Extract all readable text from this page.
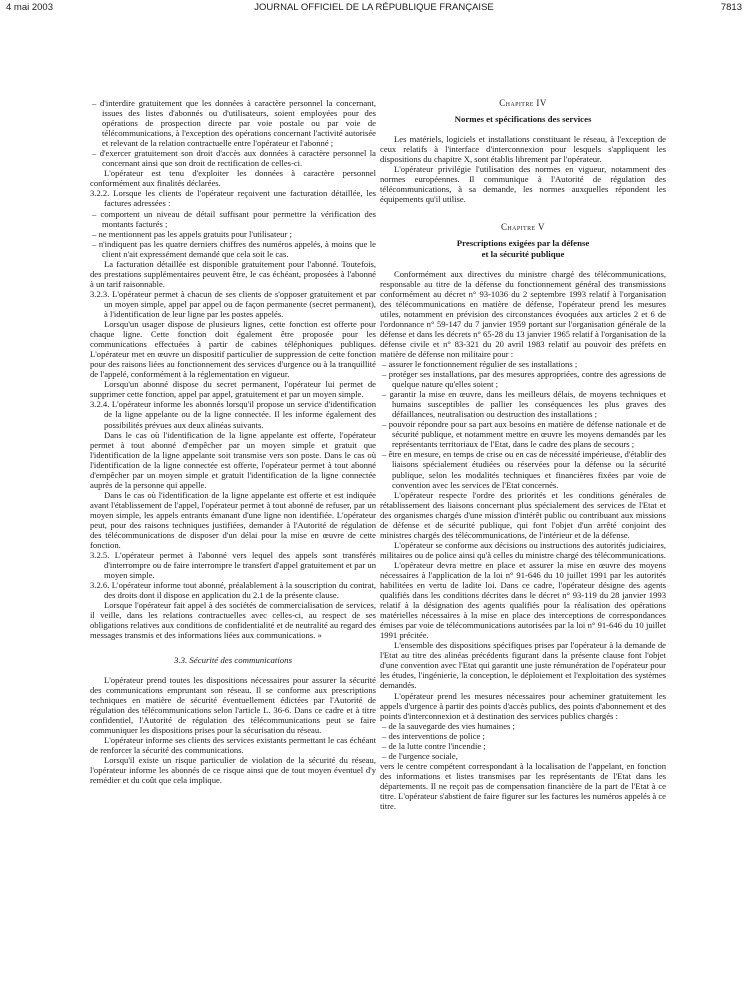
4 mai 2003	JOURNAL OFFICIEL DE LA RÉPUBLIQUE FRANÇAISE	7813

– d'interdire gratuitement que les données à caractère personnel la concernant, issues des listes d'abonnés ou d'utilisateurs, soient employées pour des opérations de prospection directe par voie postale ou par voie de télécommunications, à l'exception des opérations concernant l'activité autorisée et relevant de la relation contractuelle entre l'opérateur et l'abonné ;

– d'exercer gratuitement son droit d'accès aux données à caractère personnel la concernant ainsi que son droit de rectification de celles-ci.

L'opérateur est tenu d'exploiter les données à caractère personnel conformément aux finalités déclarées.

3.2.2. Lorsque les clients de l'opérateur reçoivent une facturation détaillée, les factures adressées :

– comportent un niveau de détail suffisant pour permettre la vérification des montants facturés ;

– ne mentionnent pas les appels gratuits pour l'utilisateur ;

– n'indiquent pas les quatre derniers chiffres des numéros appelés, à moins que le client n'ait expressément demandé que cela soit le cas.

La facturation détaillée est disponible gratuitement pour l'abonné. Toutefois, des prestations supplémentaires peuvent être, le cas échéant, proposées à l'abonné à un tarif raisonnable.

3.2.3. L'opérateur permet à chacun de ses clients de s'opposer gratuitement et par un moyen simple, appel par appel ou de façon permanente (secret permanent), à l'identification de leur ligne par les postes appelés.

Lorsqu'un usager dispose de plusieurs lignes, cette fonction est offerte pour chaque ligne. Cette fonction doit également être proposée pour les communications effectuées à partir de cabines téléphoniques publiques. L'opérateur met en œuvre un dispositif particulier de suppression de cette fonction pour des raisons liées au fonctionnement des services d'urgence ou à la tranquillité de l'appelé, conformément à la réglementation en vigueur.

Lorsqu'un abonné dispose du secret permanent, l'opérateur lui permet de supprimer cette fonction, appel par appel, gratuitement et par un moyen simple.

3.2.4. L'opérateur informe les abonnés lorsqu'il propose un service d'identification de la ligne appelante ou de la ligne connectée. Il les informe également des possibilités prévues aux deux alinéas suivants.

Dans le cas où l'identification de la ligne appelante est offerte, l'opérateur permet à tout abonné d'empêcher par un moyen simple et gratuit que l'identification de la ligne appelante soit transmise vers son poste. Dans le cas où l'identification de la ligne connectée est offerte, l'opérateur permet à tout abonné d'empêcher par un moyen simple et gratuit l'identification de la ligne connectée auprès de la personne qui appelle.

Dans le cas où l'identification de la ligne appelante est offerte et est indiquée avant l'établissement de l'appel, l'opérateur permet à tout abonné de refuser, par un moyen simple, les appels entrants émanant d'une ligne non identifiée. L'opérateur peut, pour des raisons techniques justifiées, demander à l'Autorité de régulation des télécommunications de disposer d'un délai pour la mise en œuvre de cette fonction.

3.2.5. L'opérateur permet à l'abonné vers lequel des appels sont transférés d'interrompre ou de faire interrompre le transfert d'appel gratuitement et par un moyen simple.

3.2.6. L'opérateur informe tout abonné, préalablement à la souscription du contrat, des droits dont il dispose en application du 2.1 de la présente clause.

Lorsque l'opérateur fait appel à des sociétés de commercialisation de services, il veille, dans les relations contractuelles avec celles-ci, au respect de ses obligations relatives aux conditions de confidentialité et de neutralité au regard des messages transmis et des informations liées aux communications. »

3.3. Sécurité des communications

L'opérateur prend toutes les dispositions nécessaires pour assurer la sécurité des communications empruntant son réseau. Il se conforme aux prescriptions techniques en matière de sécurité éventuellement édictées par l'Autorité de régulation des télécommunications selon l'article L. 36-6. Dans ce cadre et à titre confidentiel, l'Autorité de régulation des télécommunications peut se faire communiquer les dispositions prises pour la sécurisation du réseau.

L'opérateur informe ses clients des services existants permettant le cas échéant de renforcer la sécurité des communications.

Lorsqu'il existe un risque particulier de violation de la sécurité du réseau, l'opérateur informe les abonnés de ce risque ainsi que de tout moyen éventuel d'y remédier et du coût que cela implique.

Chapitre IV
Normes et spécifications des services

Les matériels, logiciels et installations constituant le réseau, à l'exception de ceux relatifs à l'interface d'interconnexion pour lesquels s'appliquent les dispositions du chapitre X, sont établis librement par l'opérateur.

L'opérateur privilégie l'utilisation des normes en vigueur, notamment des normes européennes. Il communique à l'Autorité de régulation des télécommunications, à sa demande, les normes auxquelles répondent les équipements qu'il utilise.

Chapitre V
Prescriptions exigées par la défense
et la sécurité publique

Conformément aux directives du ministre chargé des télécommunications, responsable au titre de la défense du fonctionnement général des transmissions conformément au décret n° 93-1036 du 2 septembre 1993 relatif à l'organisation des télécommunications en matière de défense, l'opérateur prend les mesures utiles, notamment en prévision des circonstances évoquées aux articles 2 et 6 de l'ordonnance n° 59-147 du 7 janvier 1959 portant sur l'organisation générale de la défense et dans les décrets n° 65-28 du 13 janvier 1965 relatif à l'organisation de la défense civile et n° 83-321 du 20 avril 1983 relatif au pouvoir des préfets en matière de défense non militaire pour :

– assurer le fonctionnement régulier de ses installations ;

– protéger ses installations, par des mesures appropriées, contre des agressions de quelque nature qu'elles soient ;

– garantir la mise en œuvre, dans les meilleurs délais, de moyens techniques et humains susceptibles de pallier les conséquences les plus graves des défaillances, neutralisation ou destruction des installations ;

– pouvoir répondre pour sa part aux besoins en matière de défense nationale et de sécurité publique, et notamment mettre en œuvre les moyens demandés par les représentants territoriaux de l'Etat, dans le cadre des plans de secours ;

– être en mesure, en temps de crise ou en cas de nécessité impérieuse, d'établir des liaisons spécialement étudiées ou réservées pour la défense ou la sécurité publique, selon les modalités techniques et financières fixées par voie de convention avec les services de l'Etat concernés.

L'opérateur respecte l'ordre des priorités et les conditions générales de rétablissement des liaisons concernant plus spécialement des services de l'Etat et des organismes chargés d'une mission d'intérêt public ou contribuant aux missions de défense et de sécurité publique, qui font l'objet d'un arrêté conjoint des ministres chargés des télécommunications, de l'intérieur et de la défense.

L'opérateur se conforme aux décisions ou instructions des autorités judiciaires, militaires ou de police ainsi qu'à celles du ministre chargé des télécommunications.

L'opérateur devra mettre en place et assurer la mise en œuvre des moyens nécessaires à l'application de la loi n° 91-646 du 10 juillet 1991 par les autorités habilitées en vertu de ladite loi. Dans ce cadre, l'opérateur désigne des agents qualifiés dans les conditions décrites dans le décret n° 93-119 du 28 janvier 1993 relatif à la désignation des agents qualifiés pour la réalisation des opérations matérielles nécessaires à la mise en place des interceptions de correspondances émises par voie de télécommunications autorisées par la loi n° 91-646 du 10 juillet 1991 précitée.

L'ensemble des dispositions spécifiques prises par l'opérateur à la demande de l'Etat au titre des alinéas précédents figurant dans la présente clause font l'objet d'une convention avec l'Etat qui garantit une juste rémunération de l'opérateur pour les études, l'ingénierie, la conception, le déploiement et l'exploitation des systèmes demandés.

L'opérateur prend les mesures nécessaires pour acheminer gratuitement les appels d'urgence à partir des points d'accès publics, des points d'abonnement et des points d'interconnexion et à destination des services publics chargés :

– de la sauvegarde des vies humaines ;

– des interventions de police ;

– de la lutte contre l'incendie ;

– de l'urgence sociale,

vers le centre compétent correspondant à la localisation de l'appelant, en fonction des informations et listes transmises par les représentants de l'Etat dans les départements. Il ne reçoit pas de compensation financière de la part de l'Etat à ce titre. L'opérateur s'abstient de faire figurer sur les factures les numéros appelés à ce titre.
